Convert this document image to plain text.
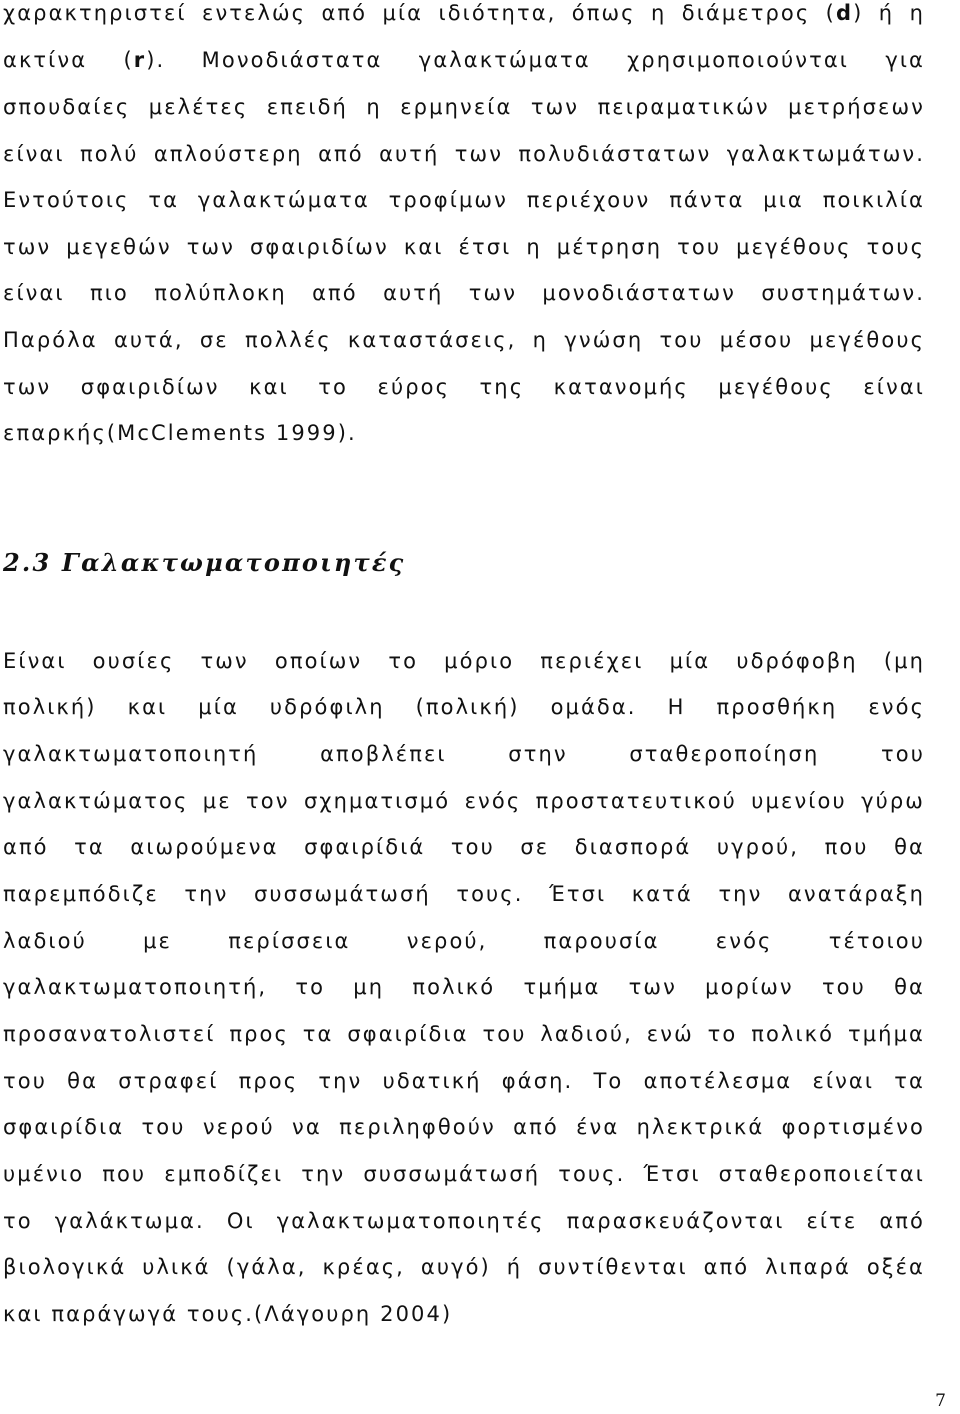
χαρακτηριστεί εντελώς από μία ιδιότητα, όπως η διάμετρος (d) ή η
ακτίνα (r). Μονοδιάστατα γαλακτώματα χρησιμοποιούνται για
σπουδαίες μελέτες επειδή η ερμηνεία των πειραματικών μετρήσεων
είναι πολύ απλούστερη από αυτή των πολυδιάστατων γαλακτωμάτων.
Εντούτοις τα γαλακτώματα τροφίμων περιέχουν πάντα μια ποικιλία
των μεγεθών των σφαιριδίων και έτσι η μέτρηση του μεγέθους τους
είναι πιο πολύπλοκη από αυτή των μονοδιάστατων συστημάτων.
Παρόλα αυτά, σε πολλές καταστάσεις, η γνώση του μέσου μεγέθους
των σφαιριδίων και το εύρος της κατανομής μεγέθους είναι
επαρκής(McClements 1999).
2.3 Γαλακτωματοποιητές
Είναι ουσίες των οποίων το μόριο περιέχει μία υδρόφοβη (μη
πολική) και μία υδρόφιλη (πολική) ομάδα. Η προσθήκη ενός
γαλακτωματοποιητή αποβλέπει στην σταθεροποίηση του
γαλακτώματος με τον σχηματισμό ενός προστατευτικού υμενίου γύρω
από τα αιωρούμενα σφαιρίδιά του σε διασπορά υγρού, που θα
παρεμπόδιζε την συσσωμάτωσή τους. Έτσι κατά την ανατάραξη
λαδιού με περίσσεια νερού, παρουσία ενός τέτοιου
γαλακτωματοποιητή, το μη πολικό τμήμα των μορίων του θα
προσανατολιστεί προς τα σφαιρίδια του λαδιού, ενώ το πολικό τμήμα
του θα στραφεί προς την υδατική φάση. Το αποτέλεσμα είναι τα
σφαιρίδια του νερού να περιληφθούν από ένα ηλεκτρικά φορτισμένο
υμένιο που εμποδίζει την συσσωμάτωσή τους. Έτσι σταθεροποιείται
το γαλάκτωμα. Οι γαλακτωματοποιητές παρασκευάζονται είτε από
βιολογικά υλικά (γάλα, κρέας, αυγό) ή συντίθενται από λιπαρά οξέα
και παράγωγά τους.(Λάγουρη 2004)
7
